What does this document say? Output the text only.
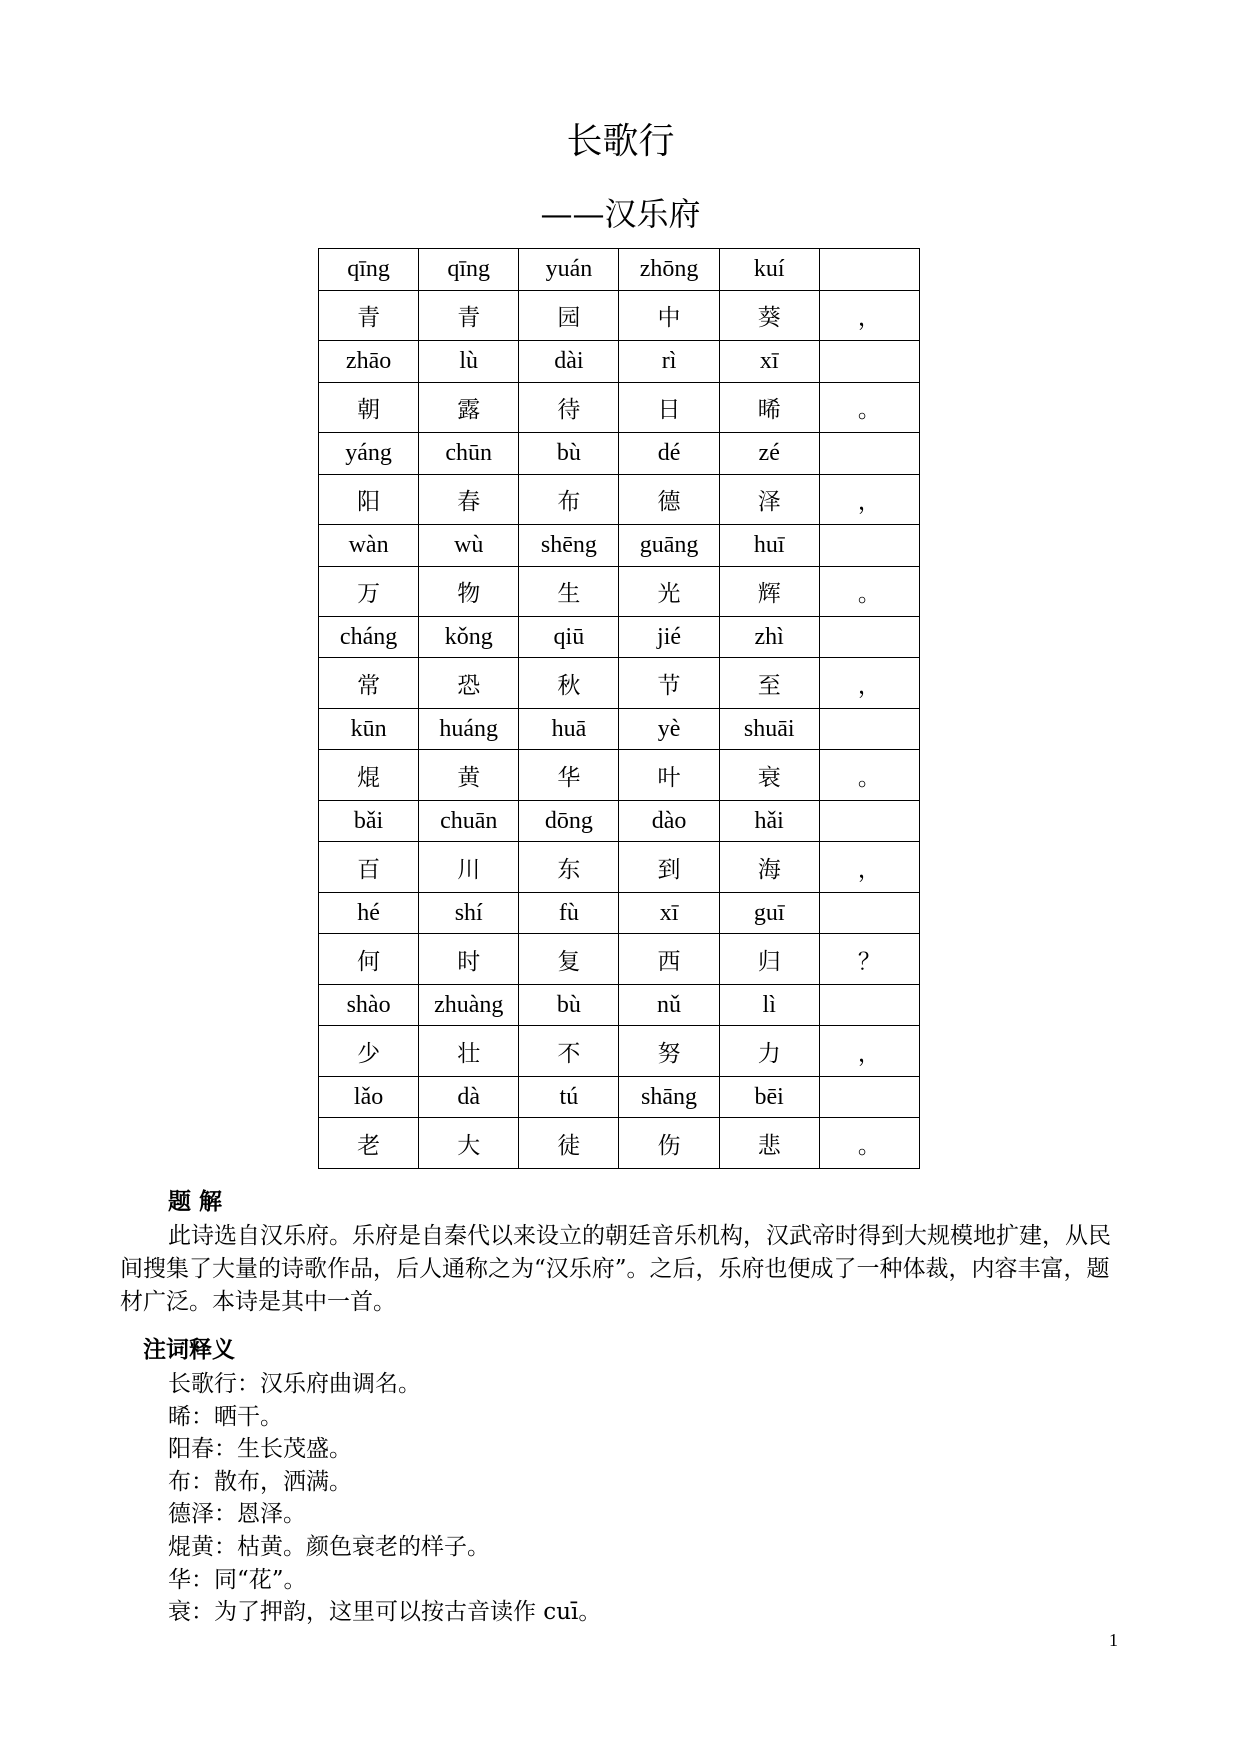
长歌行
——汉乐府
qīng	qīng	yuán	zhōng	kuí	
青	青	园	中	葵	，
zhāo	lù	dài	rì	xī	
朝	露	待	日	晞	。
yáng	chūn	bù	dé	zé	
阳	春	布	德	泽	，
wàn	wù	shēng	guāng	huī	
万	物	生	光	辉	。
cháng	kǒng	qiū	jié	zhì	
常	恐	秋	节	至	，
kūn	huáng	huā	yè	shuāi	
焜	黄	华	叶	衰	。
bǎi	chuān	dōng	dào	hǎi	
百	川	东	到	海	，
hé	shí	fù	xī	guī	
何	时	复	西	归	？
shào	zhuàng	bù	nǔ	lì	
少	壮	不	努	力	，
lǎo	dà	tú	shāng	bēi	
老	大	徒	伤	悲	。
题 解
此诗选自汉乐府。乐府是自秦代以来设立的朝廷音乐机构，汉武帝时得到大规模地扩建，从民间搜集了大量的诗歌作品，后人通称之为“汉乐府”。之后，乐府也便成了一种体裁，内容丰富，题材广泛。本诗是其中一首。
注词释义
长歌行：汉乐府曲调名。
晞：晒干。
阳春：生长茂盛。
布：散布，洒满。
德泽：恩泽。
焜黄：枯黄。颜色衰老的样子。
华：同“花”。
衰：为了押韵，这里可以按古音读作 cuī。
1
